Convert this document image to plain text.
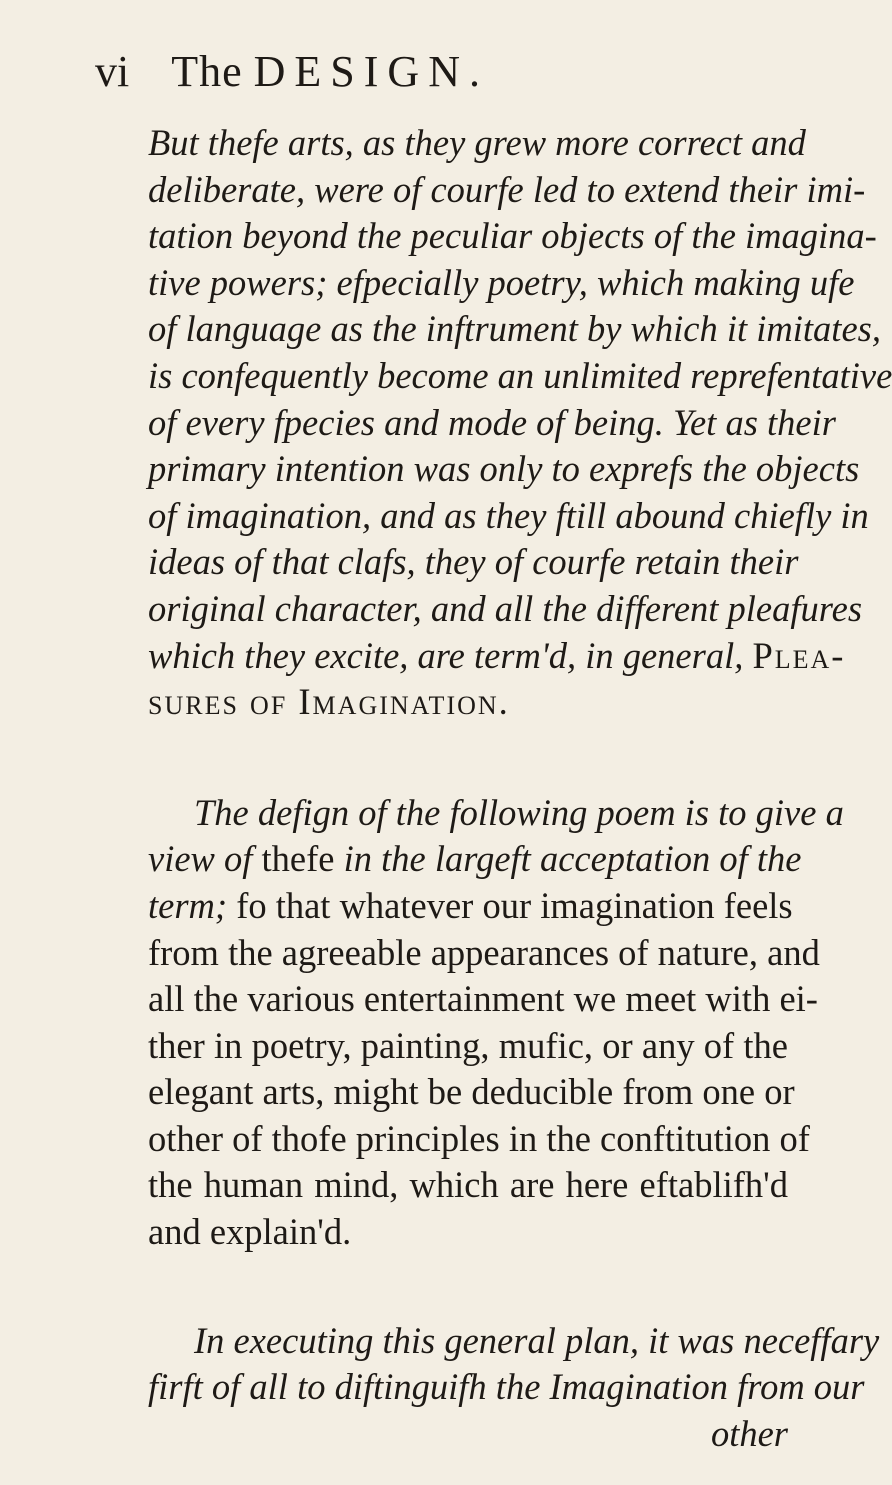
vi The DESIGN.
But thefe arts, as they grew more correct and
deliberate, were of courfe led to extend their imi-
tation beyond the peculiar objects of the imagina-
tive powers; efpecially poetry, which making ufe
of language as the inftrument by which it imitates,
is confequently become an unlimited reprefentative
of every fpecies and mode of being. Yet as their
primary intention was only to exprefs the objects
of imagination, and as they ftill abound chiefly in
ideas of that clafs, they of courfe retain their
original character, and all the different pleafures
which they excite, are term'd, in general, Plea-
sures of Imagination.
The defign of the following poem is to give a
view of thefe in the largeft acceptation of the
term; fo that whatever our imagination feels
from the agreeable appearances of nature, and
all the various entertainment we meet with ei-
ther in poetry, painting, mufic, or any of the
elegant arts, might be deducible from one or
other of thofe principles in the conftitution of
the human mind, which are here eftablifh'd
and explain'd.
In executing this general plan, it was neceffary
firft of all to diftinguifh the Imagination from our
other
